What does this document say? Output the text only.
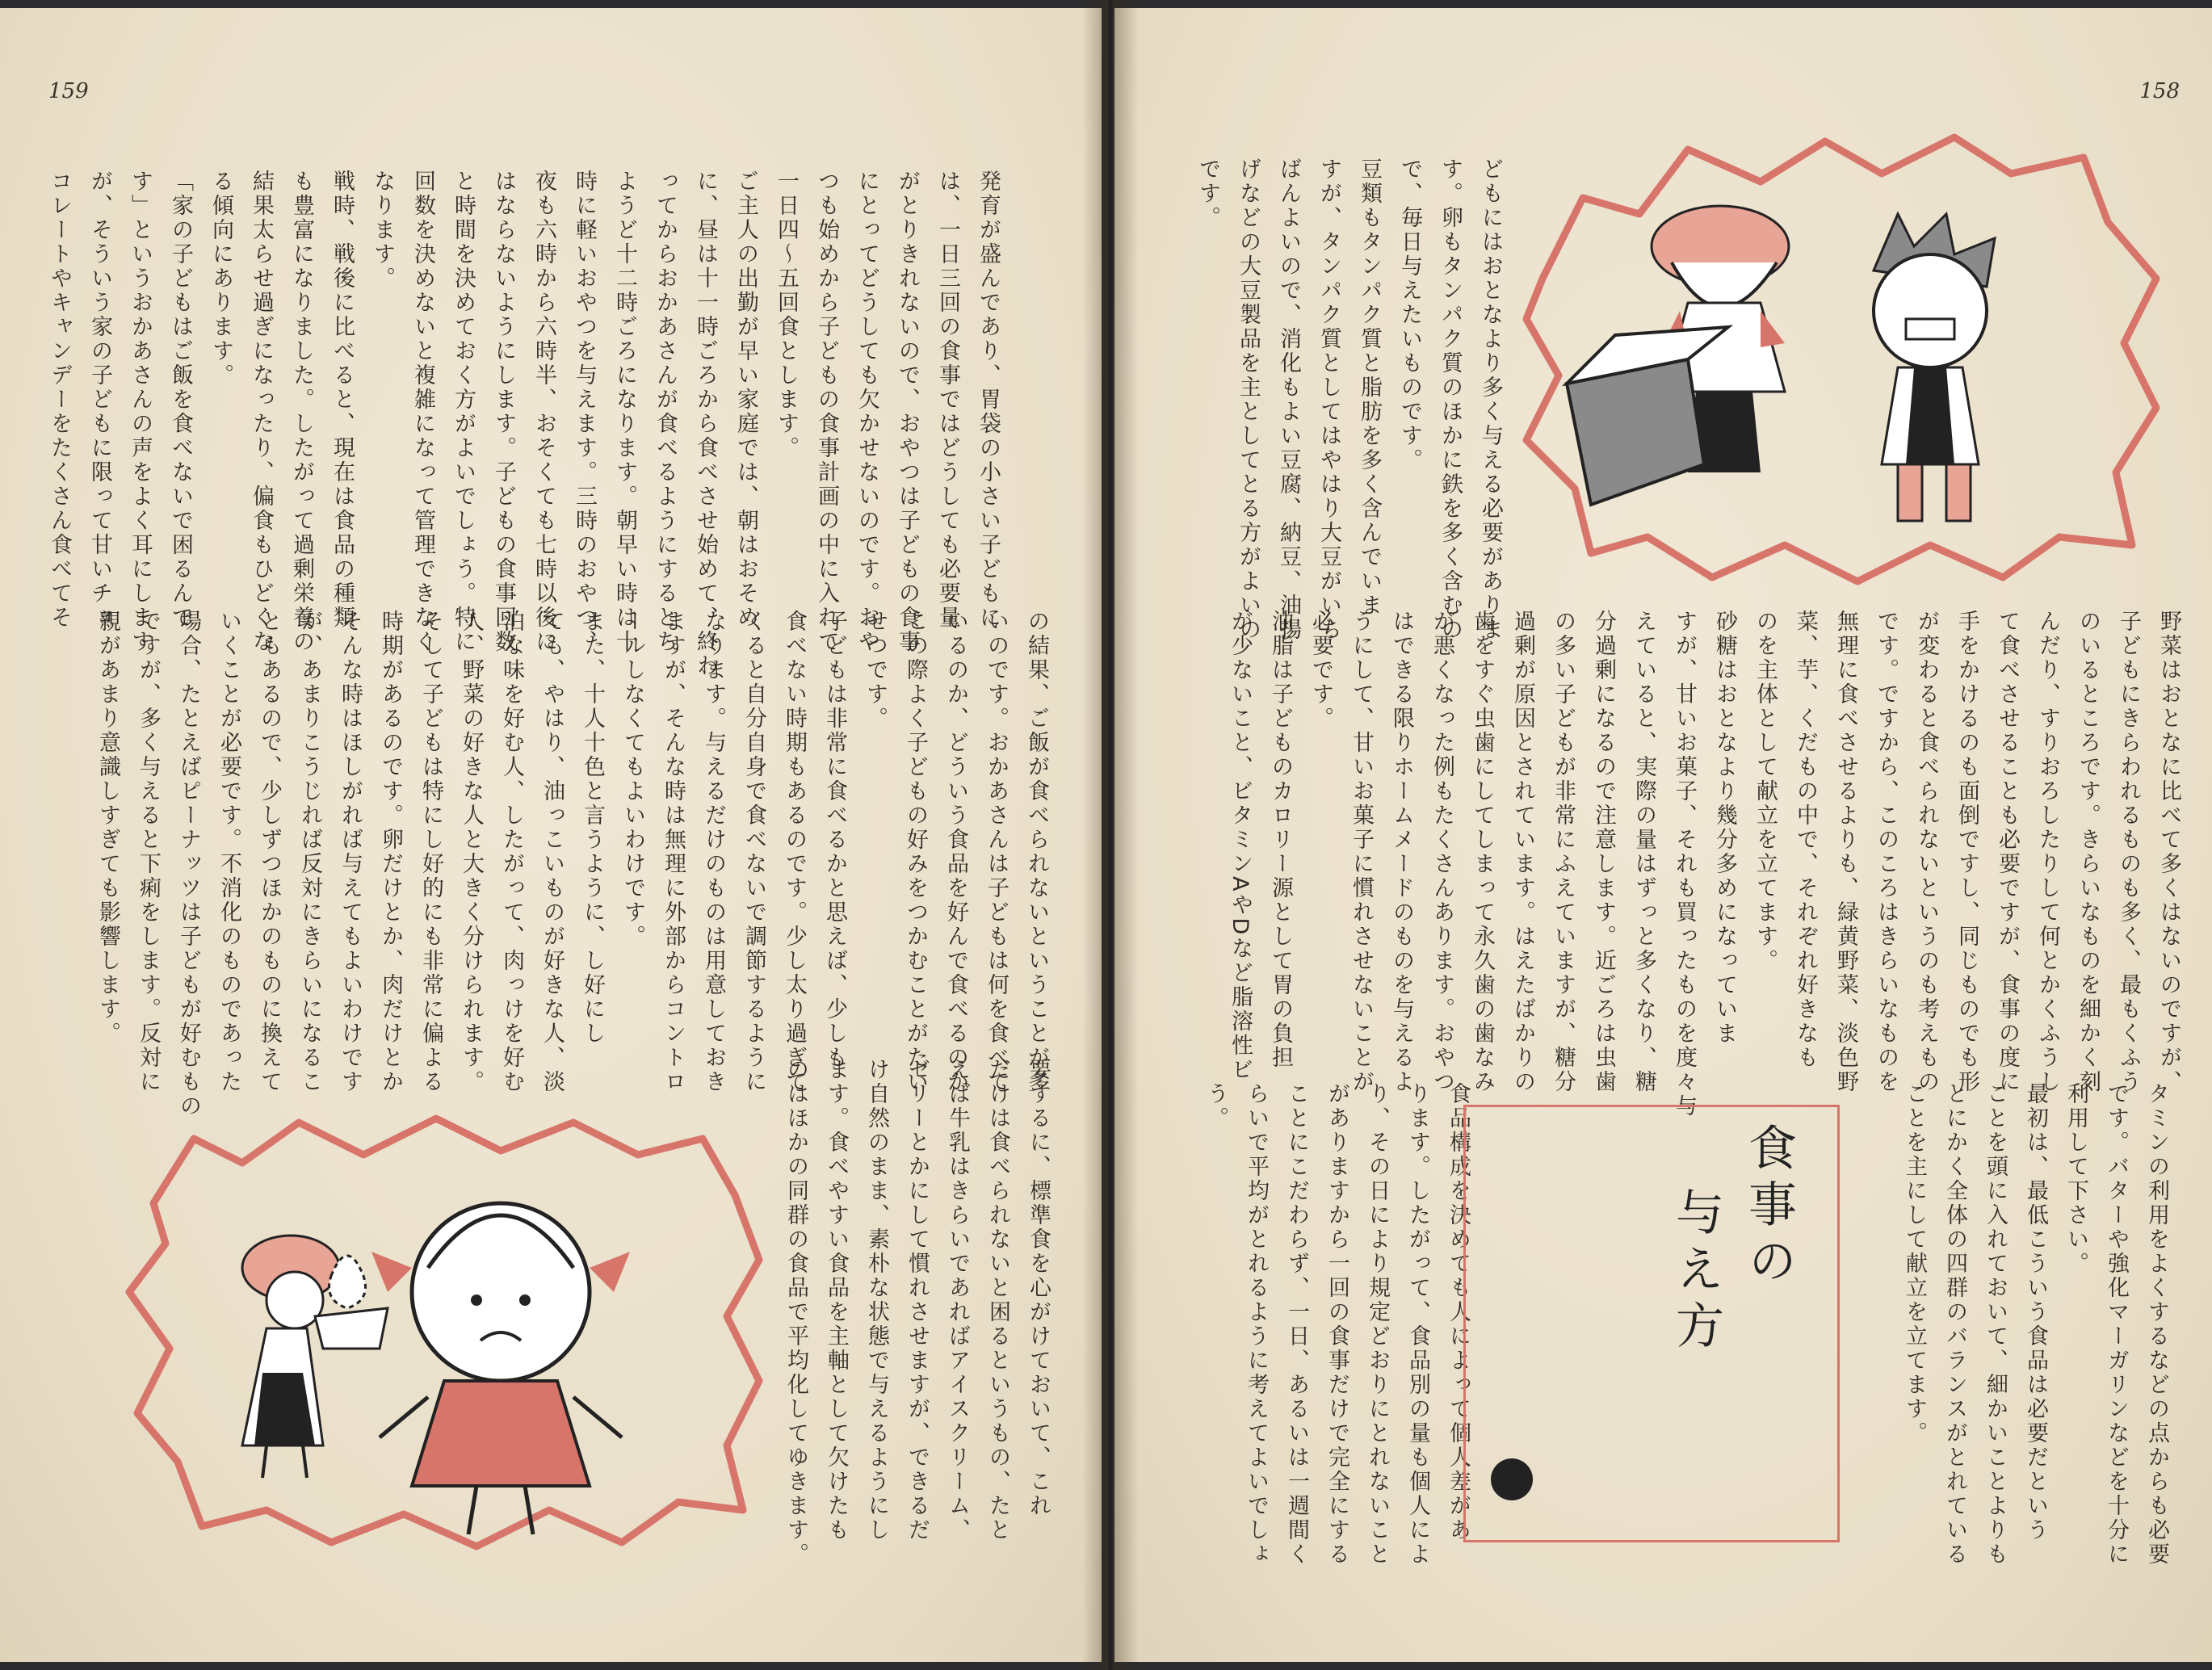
159
発育が盛んであり、胃袋の小さい子どもに
は、一日三回の食事ではどうしても必要量
がとりきれないので、おやつは子どもの食事
にとってどうしても欠かせないのです。おや
つも始めから子どもの食事計画の中に入れて
一日四〜五回食とします。
ご主人の出勤が早い家庭では、朝はおそめ
に、昼は十一時ごろから食べさせ始めて、終わ
ってからおかあさんが食べるようにするとち
ようど十二時ごろになります。朝早い時は十
時に軽いおやつを与えます。三時のおやつ、
夜も六時から六時半、おそくても七時以後に
はならないようにします。子どもの食事回数
と時間を決めておく方がよいでしょう。特に
回数を決めないと複雑になって管理できなく
なります。
戦時、戦後に比べると、現在は食品の種類
も豊富になりました。したがって過剰栄養の
結果太らせ過ぎになったり、偏食もひどくな
る傾向にあります。
「家の子どもはご飯を食べないで困るんで
す」というおかあさんの声をよく耳にします
が、そういう家の子どもに限って甘いチョ
コレートやキャンデーをたくさん食べてそ
の結果、ご飯が食べられないということが多
いのです。おかあさんは子どもは何を食べて
いるのか、どういう食品を好んで食べるのか
この際よく子どもの好みをつかむことがたい
せつです。
子どもは非常に食べるかと思えば、少しも
食べない時期もあるのです。少し太り過ぎて
くると自分自身で食べないで調節するように
なります。与えるだけのものは用意しておき
ますが、そんな時は無理に外部からコントロ
ールしなくてもよいわけです。
また、十人十色と言うように、し好にし
ても、やはり、油っこいものが好きな人、淡
泊な味を好む人、したがって、肉っけを好む
人、野菜の好きな人と大きく分けられます。
そして子どもは特にし好的にも非常に偏よる
時期があるのです。卵だけとか、肉だけとか
そんな時はほしがれば与えてもよいわけです
が、あまりこうじれば反対にきらいになるこ
ともあるので、少しずつほかのものに換えて
いくことが必要です。不消化のものであった
場合、たとえばピーナッツは子どもが好むもの
ですが、多く与えると下痢をします。反対に
親があまり意識しすぎても影響します。
要するに、標準食を心がけておいて、これ
だけは食べられないと困るというもの、たと
えば牛乳はきらいであればアイスクリーム、
ゼリーとかにして慣れさせますが、できるだ
け自然のまま、素朴な状態で与えるようにし
ます。食べやすい食品を主軸として欠けたも
のはほかの同群の食品で平均化してゆきます。
158
どもにはおとなより多く与える必要がありま
す。卵もタンパク質のほかに鉄を多く含むの
で、毎日与えたいものです。
豆類もタンパク質と脂肪を多く含んでいま
すが、タンパク質としてはやはり大豆がいち
ばんよいので、消化もよい豆腐、納豆、油揚
げなどの大豆製品を主としてとる方がよいの
です。
野菜はおとなに比べて多くはないのですが、
子どもにきらわれるものも多く、最もくふう
のいるところです。きらいなものを細かく刻
んだり、すりおろしたりして何とかくふうし
て食べさせることも必要ですが、食事の度に
手をかけるのも面倒ですし、同じものでも形
が変わると食べられないというのも考えもの
です。ですから、このころはきらいなものを
無理に食べさせるよりも、緑黄野菜、淡色野
菜、芋、くだもの中で、それぞれ好きなも
のを主体として献立を立てます。
砂糖はおとなより幾分多めになっていま
すが、甘いお菓子、それも買ったものを度々与
えていると、実際の量はずっと多くなり、糖
分過剰になるので注意します。近ごろは虫歯
の多い子どもが非常にふえていますが、糖分
過剰が原因とされています。はえたばかりの
歯をすぐ虫歯にしてしまって永久歯の歯なみ
が悪くなった例もたくさんあります。おやつ
はできる限りホームメードのものを与えるよ
うにして、甘いお菓子に慣れさせないことが
必要です。
油脂は子どものカロリー源として胃の負担
が少ないこと、ビタミンAやDなど脂溶性ビ
タミンの利用をよくするなどの点からも必要
です。バターや強化マーガリンなどを十分に
利用して下さい。
最初は、最低こういう食品は必要だという
ことを頭に入れておいて、細かいことよりも
とにかく全体の四群のバランスがとれている
ことを主にして献立を立てます。
食品構成を決めても人によって個人差があ
ります。したがって、食品別の量も個人によ
り、その日により規定どおりにとれないこと
がありますから一回の食事だけで完全にする
ことにこだわらず、一日、あるいは一週間く
らいで平均がとれるように考えてよいでしょ
う。
食事の
与え方
